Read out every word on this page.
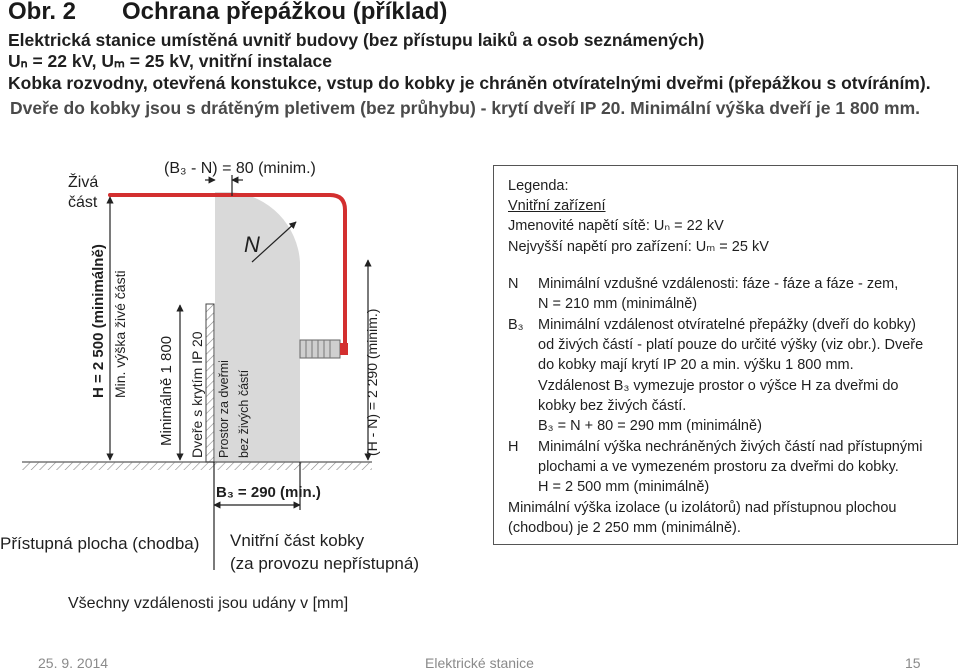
Obr. 2 Ochrana přepážkou (příklad)
Elektrická stanice umístěná uvnitř budovy (bez přístupu laiků a osob seznámených)
Uₙ = 22 kV, Uₘ = 25 kV, vnitřní instalace
Kobka rozvodny, otevřená konstukce, vstup do kobky je chráněn otvíratelnými dveřmi (přepážkou s otvíráním).
Dveře do kobky jsou s drátěným pletivem (bez průhybu) - krytí dveří IP 20. Minimální výška dveří je 1 800 mm.
Živá
část
(B₃ - N) = 80 (minim.)
N
H = 2 500 (minimálně) Min. výška živé části Minimálně 1 800 Dveře s krytím IP 20 Prostor za dveřmi bez živých částí	(H - N) = 2 290 (minim.)
B₃ = 290 (min.)
Přístupná plocha (chodba) Vnitřní část kobky
(za provozu nepřístupná)
Všechny vzdálenosti jsou udány v [mm]
Legenda:
Vnitřní zařízení
Jmenovité napětí sítě: Uₙ = 22 kV
Nejvyšší napětí pro zařízení: Uₘ = 25 kV
N Minimální vzdušné vzdálenosti: fáze - fáze a fáze - zem,
N = 210 mm (minimálně)
B₃ Minimální vzdálenost otvíratelné přepážky (dveří do kobky)
od živých částí - platí pouze do určité výšky (viz obr.). Dveře
do kobky mají krytí IP 20 a min. výšku 1 800 mm.
Vzdálenost B₃ vymezuje prostor o výšce H za dveřmi do
kobky bez živých částí.
B₃ = N + 80 = 290 mm (minimálně)
H Minimální výška nechráněných živých částí nad přístupnými
plochami a ve vymezeném prostoru za dveřmi do kobky.
H = 2 500 mm (minimálně)
Minimální výška izolace (u izolátorů) nad přístupnou plochou
(chodbou) je 2 250 mm (minimálně).
25. 9. 2014	Elektrické stanice	15
